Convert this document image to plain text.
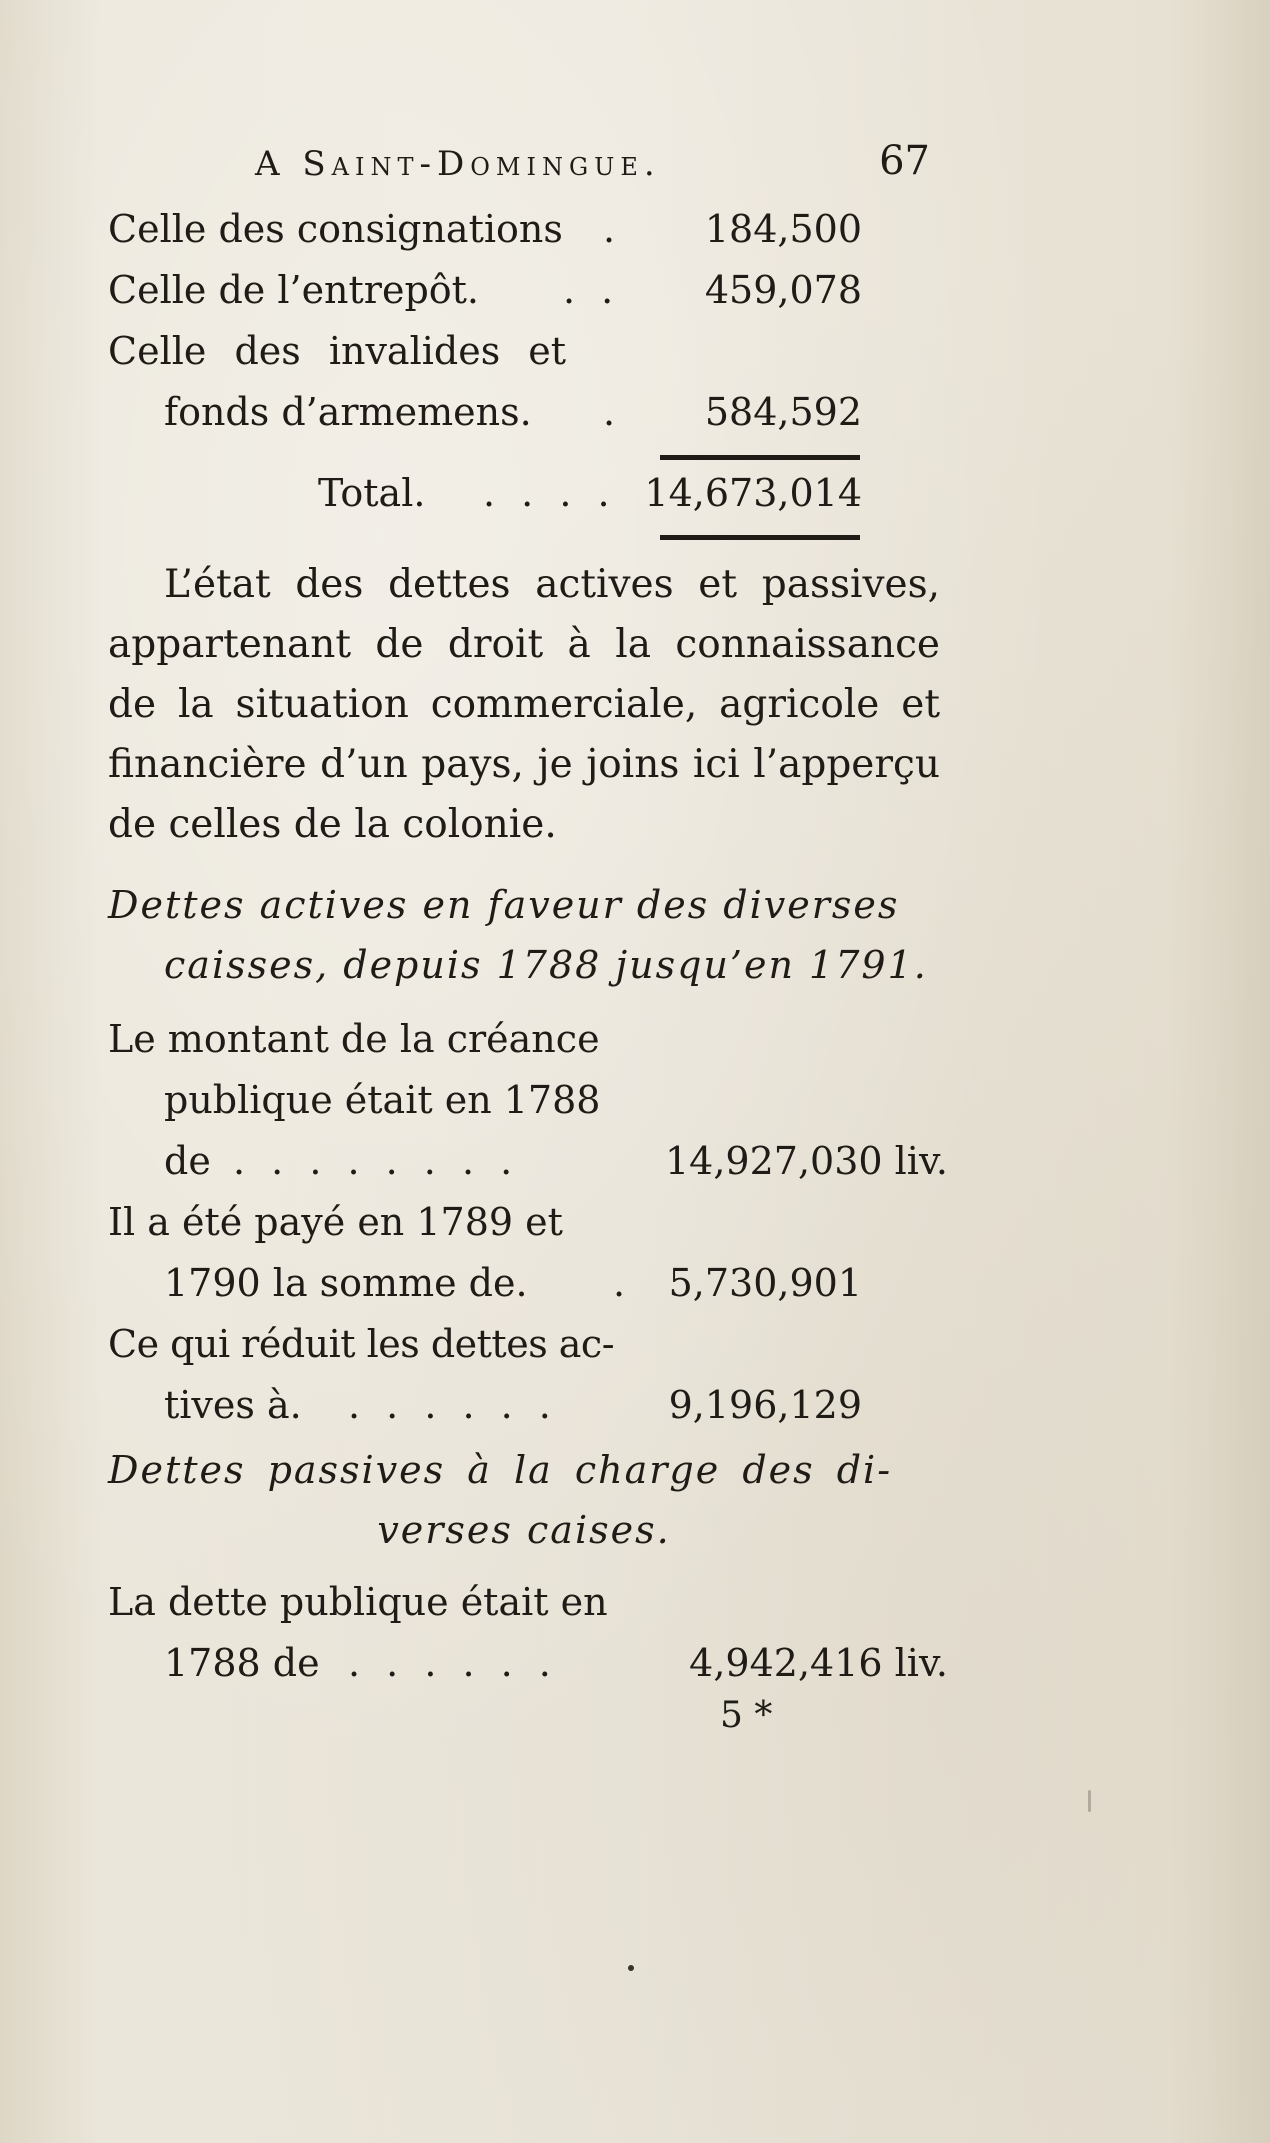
A Saint-Domingue.	67
Celle des consignations . 184,500
Celle de l’entrepôt. . . 459,078
Celle des invalides et
fonds d’armemens. . 584,592
Total. . . . . 14,673,014
L’état des dettes actives et passives, appartenant de droit à la connaissance de la situation commerciale, agricole et financière d’un pays, je joins ici l’apperçu de celles de la colonie.
Dettes actives en faveur des diverses
caisses, depuis 1788 jusqu’en 1791.
Le montant de la créance
publique était en 1788
de . . . . . . . .	14,927,030 liv.
Il a été payé en 1789 et
1790 la somme de. . 5,730,901
Ce qui réduit les dettes ac-
tives à. . . . . . .	9,196,129
Dettes passives à la charge des di-
verses caises.
La dette publique était en
1788 de . . . . . .	4,942,416 liv.
5 *
